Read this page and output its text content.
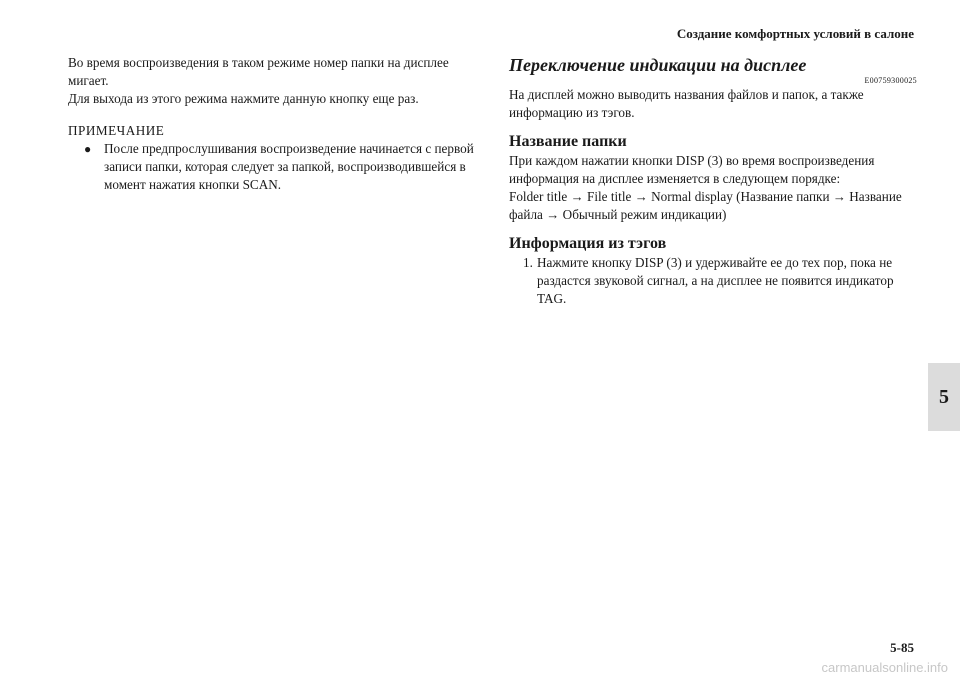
Создание комфортных условий в салоне

Во время воспроизведения в таком режиме номер папки на дисплее мигает.

Для выхода из этого режима нажмите данную кнопку еще раз.

ПРИМЕЧАНИЕ

● После предпрослушивания воспроизведение начинается с первой записи папки, которая следует за папкой, воспроизводившейся в момент нажатия кнопки SCAN.
Переключение индикации на дисплее
E00759300025

На дисплей можно выводить названия файлов и папок, а также информацию из тэгов.

Название папки

При каждом нажатии кнопки DISP (3) во время воспроизведения информация на дисплее изменяется в следующем порядке:

Folder title → File title → Normal display (Название папки → Название файла → Обычный режим индикации)

Информация из тэгов
1. Нажмите кнопку DISP (3) и удерживайте ее до тех пор, пока не раздастся звуковой сигнал, а на дисплее не появится индикатор TAG.
5
5-85
carmanualsonline.info
